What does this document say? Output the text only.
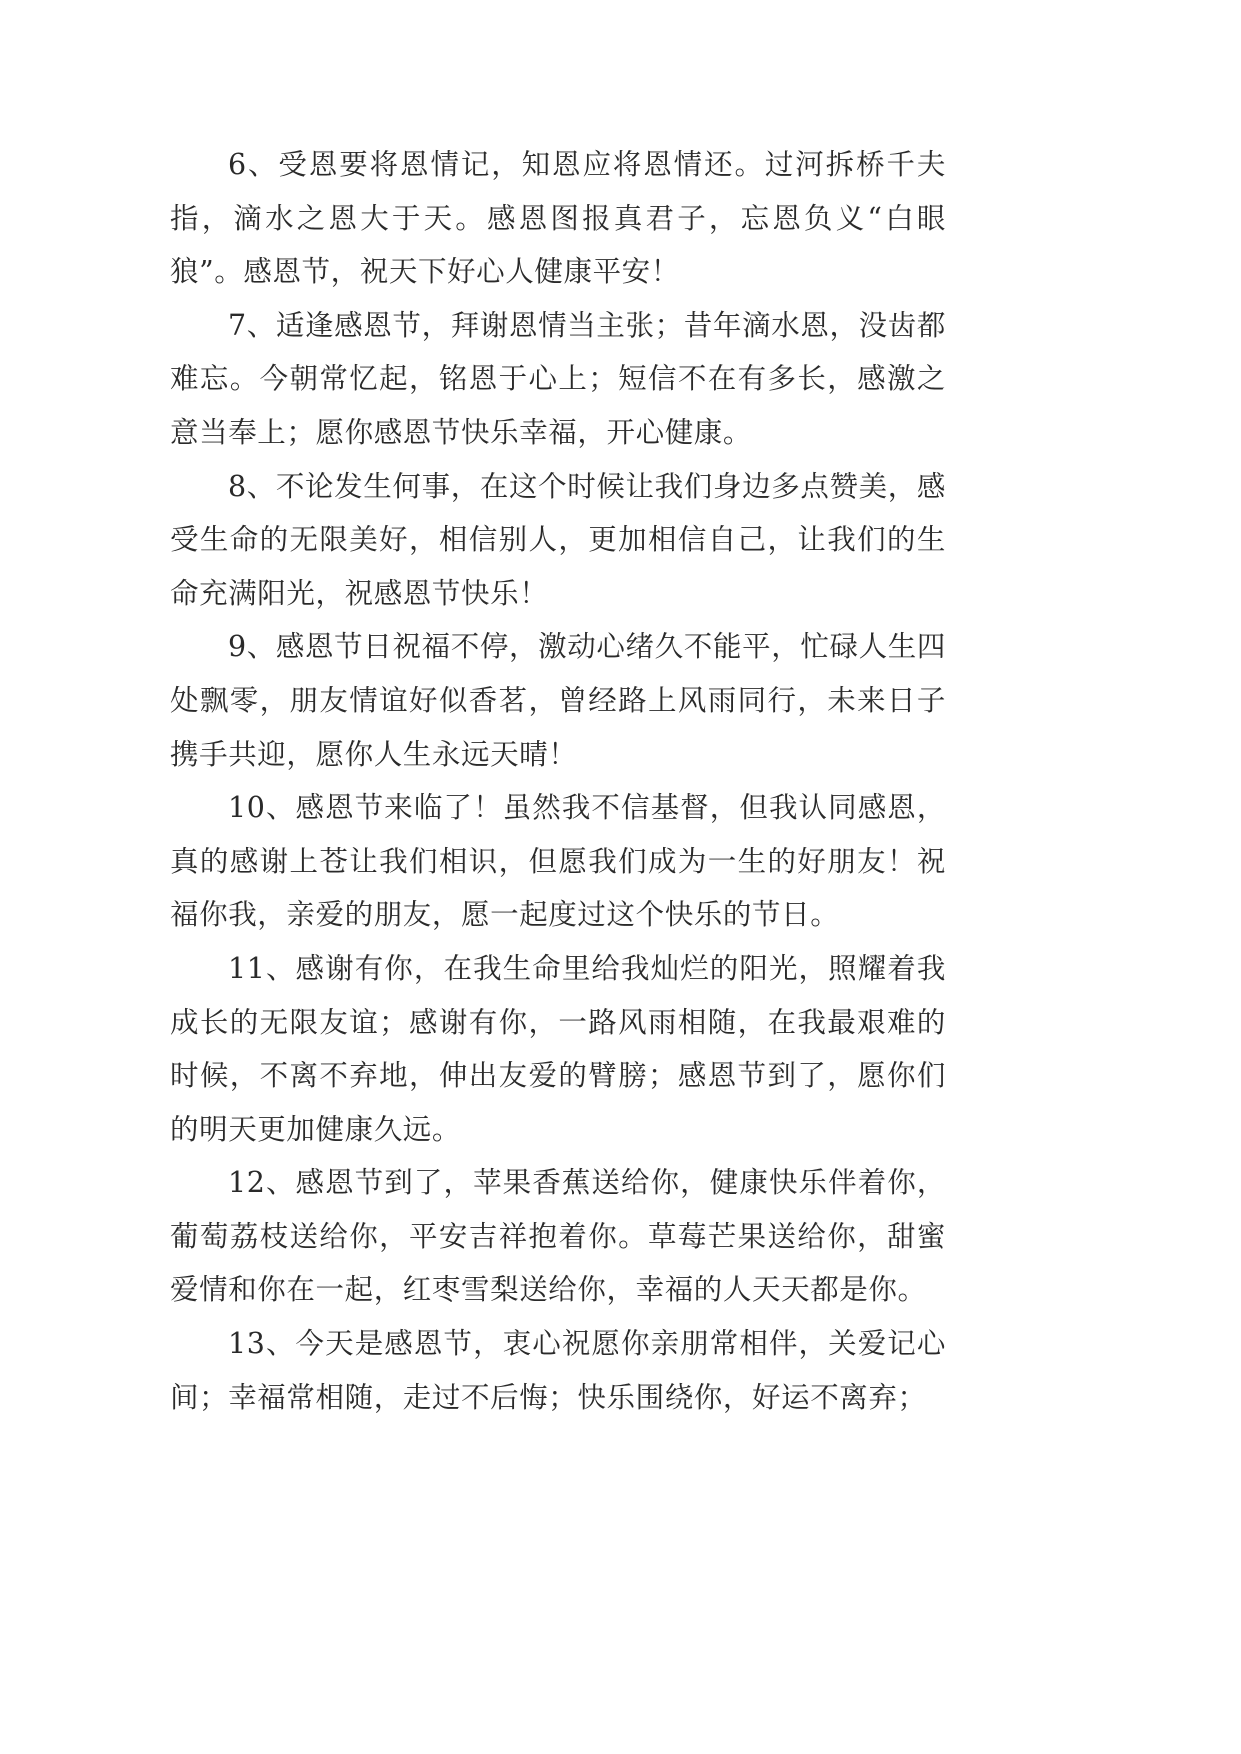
6、受恩要将恩情记，知恩应将恩情还。过河拆桥千夫指，滴水之恩大于天。感恩图报真君子，忘恩负义“白眼狼”。感恩节，祝天下好心人健康平安！

7、适逢感恩节，拜谢恩情当主张；昔年滴水恩，没齿都难忘。今朝常忆起，铭恩于心上；短信不在有多长，感激之意当奉上；愿你感恩节快乐幸福，开心健康。

8、不论发生何事，在这个时候让我们身边多点赞美，感受生命的无限美好，相信别人，更加相信自己，让我们的生命充满阳光，祝感恩节快乐！

9、感恩节日祝福不停，激动心绪久不能平，忙碌人生四处飘零，朋友情谊好似香茗，曾经路上风雨同行，未来日子携手共迎，愿你人生永远天晴！

10、感恩节来临了！虽然我不信基督，但我认同感恩，真的感谢上苍让我们相识，但愿我们成为一生的好朋友！祝福你我，亲爱的朋友，愿一起度过这个快乐的节日。

11、感谢有你，在我生命里给我灿烂的阳光，照耀着我成长的无限友谊；感谢有你，一路风雨相随，在我最艰难的时候，不离不弃地，伸出友爱的臂膀；感恩节到了，愿你们的明天更加健康久远。

12、感恩节到了，苹果香蕉送给你，健康快乐伴着你，葡萄荔枝送给你，平安吉祥抱着你。草莓芒果送给你，甜蜜爱情和你在一起，红枣雪梨送给你，幸福的人天天都是你。

13、今天是感恩节，衷心祝愿你亲朋常相伴，关爱记心间；幸福常相随，走过不后悔；快乐围绕你，好运不离弃；
